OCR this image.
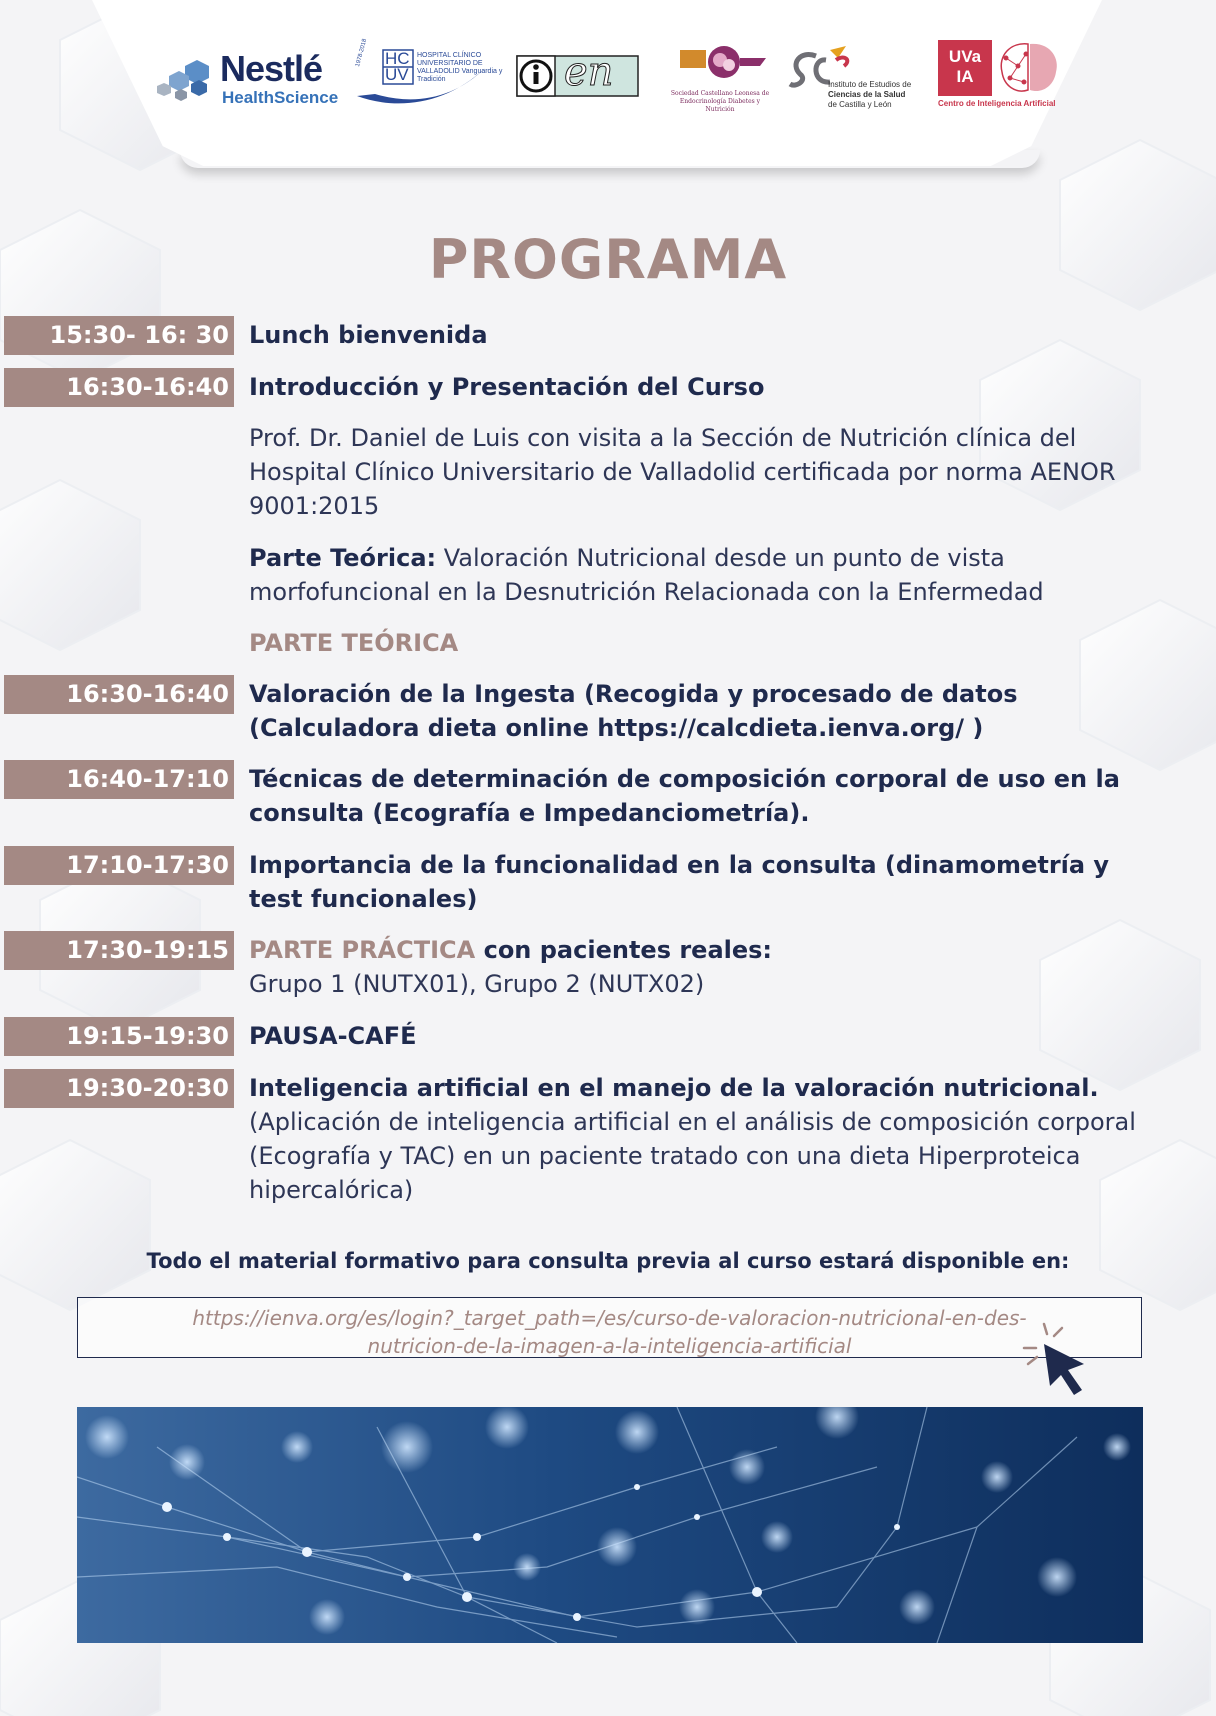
Nestlé
HealthScience
HC
UV
HOSPITAL CLÍNICO UNIVERSITARIO DE VALLADOLID Vanguardia y Tradición
1978-2018	en	Sociedad Castellano Leonesa de Endocrinología Diabetes y Nutrición
Instituto de Estudios de
Ciencias de la Salud
de Castilla y León
UVa
IA
Centro de Inteligencia Artificial
PROGRAMA
15:30- 16: 30 Lunch bienvenida
16:30-16:40 Introducción y Presentación del Curso
Prof. Dr. Daniel de Luis con visita a la Sección de Nutrición clínica del Hospital Clínico Universitario de Valladolid certificada por norma AENOR 9001:2015
Parte Teórica: Valoración Nutricional desde un punto de vista morfofuncional en la Desnutrición Relacionada con la Enfermedad
PARTE TEÓRICA
16:30-16:40 Valoración de la Ingesta (Recogida y procesado de datos (Calculadora dieta online https://calcdieta.ienva.org/ )
16:40-17:10 Técnicas de determinación de composición corporal de uso en la consulta (Ecografía e Impedanciometría).
17:10-17:30 Importancia de la funcionalidad en la consulta (dinamometría y test funcionales)
17:30-19:15 PARTE PRÁCTICA con pacientes reales:
Grupo 1 (NUTX01), Grupo 2 (NUTX02)
19:15-19:30 PAUSA-CAFÉ
19:30-20:30 Inteligencia artificial en el manejo de la valoración nutricional.
(Aplicación de inteligencia artificial en el análisis de composición corporal (Ecografía y TAC) en un paciente tratado con una dieta Hiperproteica hipercalórica)
Todo el material formativo para consulta previa al curso estará disponible en:
https://ienva.org/es/login?_target_path=/es/curso-de-valoracion-nutricional-en-des-
nutricion-de-la-imagen-a-la-inteligencia-artificial
